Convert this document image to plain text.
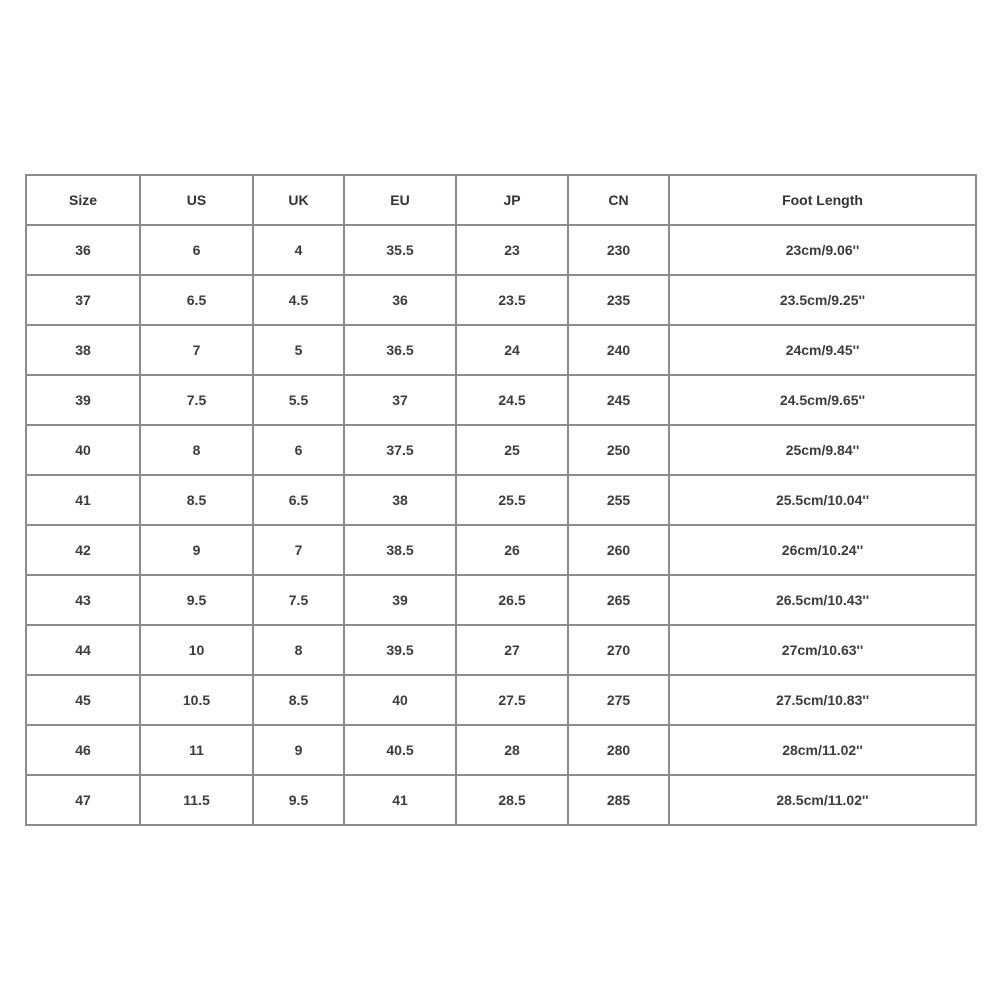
Size	US	UK	EU	JP	CN	Foot Length
36	6	4	35.5	23	230	23cm/9.06''
37	6.5	4.5	36	23.5	235	23.5cm/9.25''
38	7	5	36.5	24	240	24cm/9.45''
39	7.5	5.5	37	24.5	245	24.5cm/9.65''
40	8	6	37.5	25	250	25cm/9.84''
41	8.5	6.5	38	25.5	255	25.5cm/10.04''
42	9	7	38.5	26	260	26cm/10.24''
43	9.5	7.5	39	26.5	265	26.5cm/10.43''
44	10	8	39.5	27	270	27cm/10.63''
45	10.5	8.5	40	27.5	275	27.5cm/10.83''
46	11	9	40.5	28	280	28cm/11.02''
47	11.5	9.5	41	28.5	285	28.5cm/11.02''
